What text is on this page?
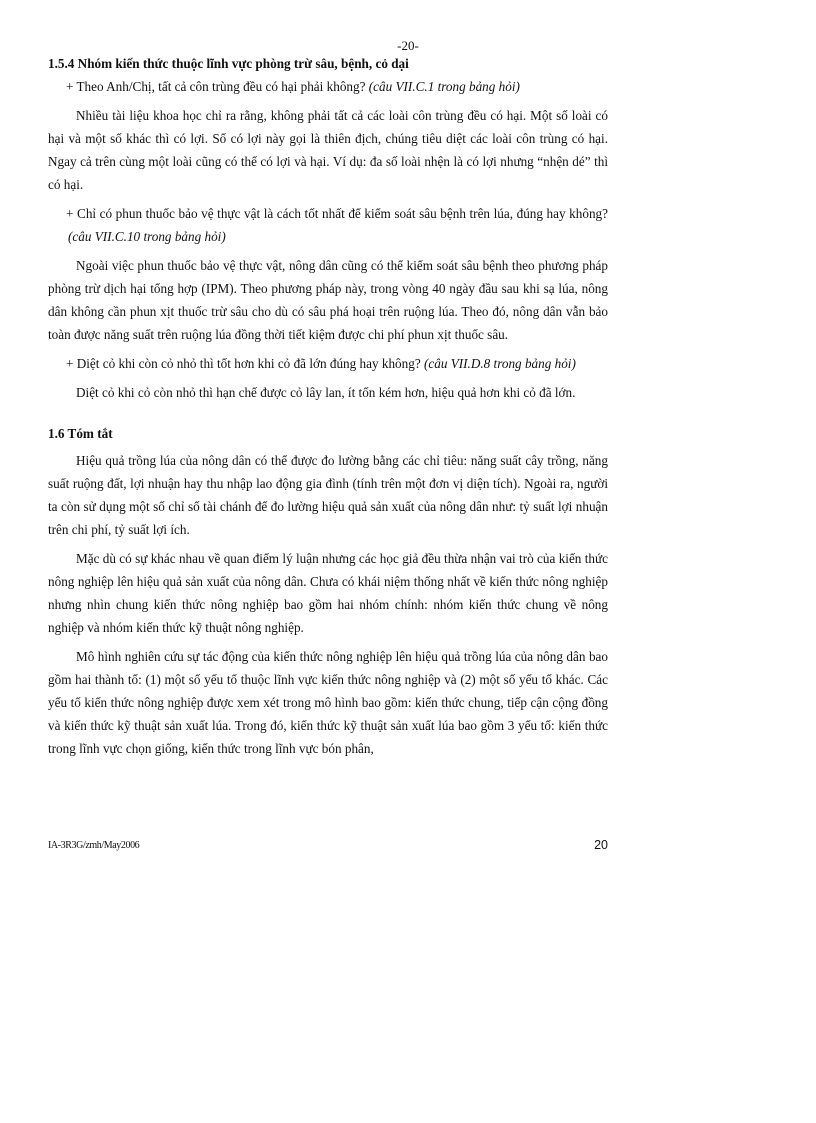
-20-

1.5.4 Nhóm kiến thức thuộc lĩnh vực phòng trừ sâu, bệnh, cỏ dại

+ Theo Anh/Chị, tất cả côn trùng đều có hại phải không? (câu VII.C.1 trong bảng hỏi)

Nhiều tài liệu khoa học chỉ ra rằng, không phải tất cả các loài côn trùng đều có hại. Một số loài có hại và một số khác thì có lợi. Số có lợi này gọi là thiên địch, chúng tiêu diệt các loài côn trùng có hại. Ngay cả trên cùng một loài cũng có thể có lợi và hại. Ví dụ: đa số loài nhện là có lợi nhưng “nhện dé” thì có hại.

+ Chỉ có phun thuốc bảo vệ thực vật là cách tốt nhất để kiểm soát sâu bệnh trên lúa, đúng hay không? (câu VII.C.10 trong bảng hỏi)

Ngoài việc phun thuốc bảo vệ thực vật, nông dân cũng có thể kiểm soát sâu bệnh theo phương pháp phòng trừ dịch hại tổng hợp (IPM). Theo phương pháp này, trong vòng 40 ngày đầu sau khi sạ lúa, nông dân không cần phun xịt thuốc trừ sâu cho dù có sâu phá hoại trên ruộng lúa. Theo đó, nông dân vẫn bảo toàn được năng suất trên ruộng lúa đồng thời tiết kiệm được chi phí phun xịt thuốc sâu.

+ Diệt cỏ khi còn cỏ nhỏ thì tốt hơn khi cỏ đã lớn đúng hay không? (câu VII.D.8 trong bảng hỏi)

Diệt cỏ khi cỏ còn nhỏ thì hạn chế được cỏ lây lan, ít tốn kém hơn, hiệu quả hơn khi cỏ đã lớn.

1.6 Tóm tắt

Hiệu quả trồng lúa của nông dân có thể được đo lường bằng các chỉ tiêu: năng suất cây trồng, năng suất ruộng đất, lợi nhuận hay thu nhập lao động gia đình (tính trên một đơn vị diện tích). Ngoài ra, người ta còn sử dụng một số chỉ số tài chánh để đo lường hiệu quả sản xuất của nông dân như: tỷ suất lợi nhuận trên chi phí, tỷ suất lợi ích.

Mặc dù có sự khác nhau về quan điểm lý luận nhưng các học giả đều thừa nhận vai trò của kiến thức nông nghiệp lên hiệu quả sản xuất của nông dân. Chưa có khái niệm thống nhất về kiến thức nông nghiệp nhưng nhìn chung kiến thức nông nghiệp bao gồm hai nhóm chính: nhóm kiến thức chung về nông nghiệp và nhóm kiến thức kỹ thuật nông nghiệp.

Mô hình nghiên cứu sự tác động của kiến thức nông nghiệp lên hiệu quả trồng lúa của nông dân bao gồm hai thành tố: (1) một số yếu tố thuộc lĩnh vực kiến thức nông nghiệp và (2) một số yếu tố khác. Các yếu tố kiến thức nông nghiệp được xem xét trong mô hình bao gồm: kiến thức chung, tiếp cận cộng đồng và kiến thức kỹ thuật sản xuất lúa. Trong đó, kiến thức kỹ thuật sản xuất lúa bao gồm 3 yếu tố: kiến thức trong lĩnh vực chọn giống, kiến thức trong lĩnh vực bón phân,

IA-3R3G/zmh/May2006	20
